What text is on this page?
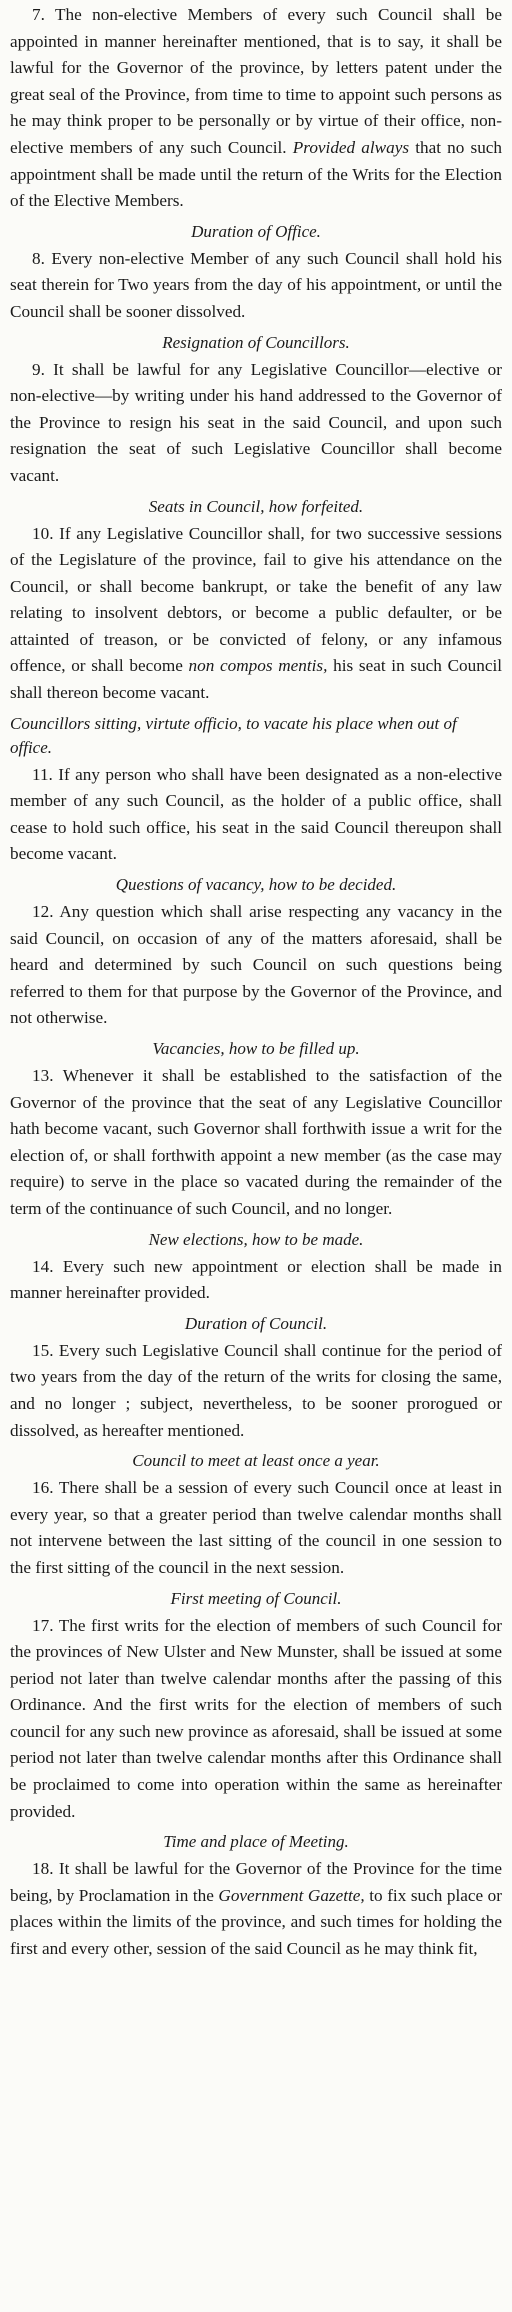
7. The non-elective Members of every such Council shall be appointed in manner hereinafter mentioned, that is to say, it shall be lawful for the Governor of the province, by letters patent under the great seal of the Province, from time to time to appoint such persons as he may think proper to be personally or by virtue of their office, non-elective members of any such Council. Provided always that no such appointment shall be made until the return of the Writs for the Election of the Elective Members.

Duration of Office.

8. Every non-elective Member of any such Council shall hold his seat therein for Two years from the day of his appointment, or until the Council shall be sooner dissolved.

Resignation of Councillors.

9. It shall be lawful for any Legislative Councillor—elective or non-elective—by writing under his hand addressed to the Governor of the Province to resign his seat in the said Council, and upon such resignation the seat of such Legislative Councillor shall become vacant.

Seats in Council, how forfeited.

10. If any Legislative Councillor shall, for two successive sessions of the Legislature of the province, fail to give his attendance on the Council, or shall become bankrupt, or take the benefit of any law relating to insolvent debtors, or become a public defaulter, or be attainted of treason, or be convicted of felony, or any infamous offence, or shall become non compos mentis, his seat in such Council shall thereon become vacant.

Councillors sitting, virtute officio, to vacate his place when out of office.

11. If any person who shall have been designated as a non-elective member of any such Council, as the holder of a public office, shall cease to hold such office, his seat in the said Council thereupon shall become vacant.

Questions of vacancy, how to be decided.

12. Any question which shall arise respecting any vacancy in the said Council, on occasion of any of the matters aforesaid, shall be heard and determined by such Council on such questions being referred to them for that purpose by the Governor of the Province, and not otherwise.

Vacancies, how to be filled up.

13. Whenever it shall be established to the satisfaction of the Governor of the province that the seat of any Legislative Councillor hath become vacant, such Governor shall forthwith issue a writ for the election of, or shall forthwith appoint a new member (as the case may require) to serve in the place so vacated during the remainder of the term of the continuance of such Council, and no longer.

New elections, how to be made.

14. Every such new appointment or election shall be made in manner hereinafter provided.

Duration of Council.

15. Every such Legislative Council shall continue for the period of two years from the day of the return of the writs for closing the same, and no longer ; subject, nevertheless, to be sooner prorogued or dissolved, as hereafter mentioned.

Council to meet at least once a year.

16. There shall be a session of every such Council once at least in every year, so that a greater period than twelve calendar months shall not intervene between the last sitting of the council in one session to the first sitting of the council in the next session.

First meeting of Council.

17. The first writs for the election of members of such Council for the provinces of New Ulster and New Munster, shall be issued at some period not later than twelve calendar months after the passing of this Ordinance. And the first writs for the election of members of such council for any such new province as aforesaid, shall be issued at some period not later than twelve calendar months after this Ordinance shall be proclaimed to come into operation within the same as hereinafter provided.

Time and place of Meeting.

18. It shall be lawful for the Governor of the Province for the time being, by Proclamation in the Government Gazette, to fix such place or places within the limits of the province, and such times for holding the first and every other, session of the said Council as he may think fit,
